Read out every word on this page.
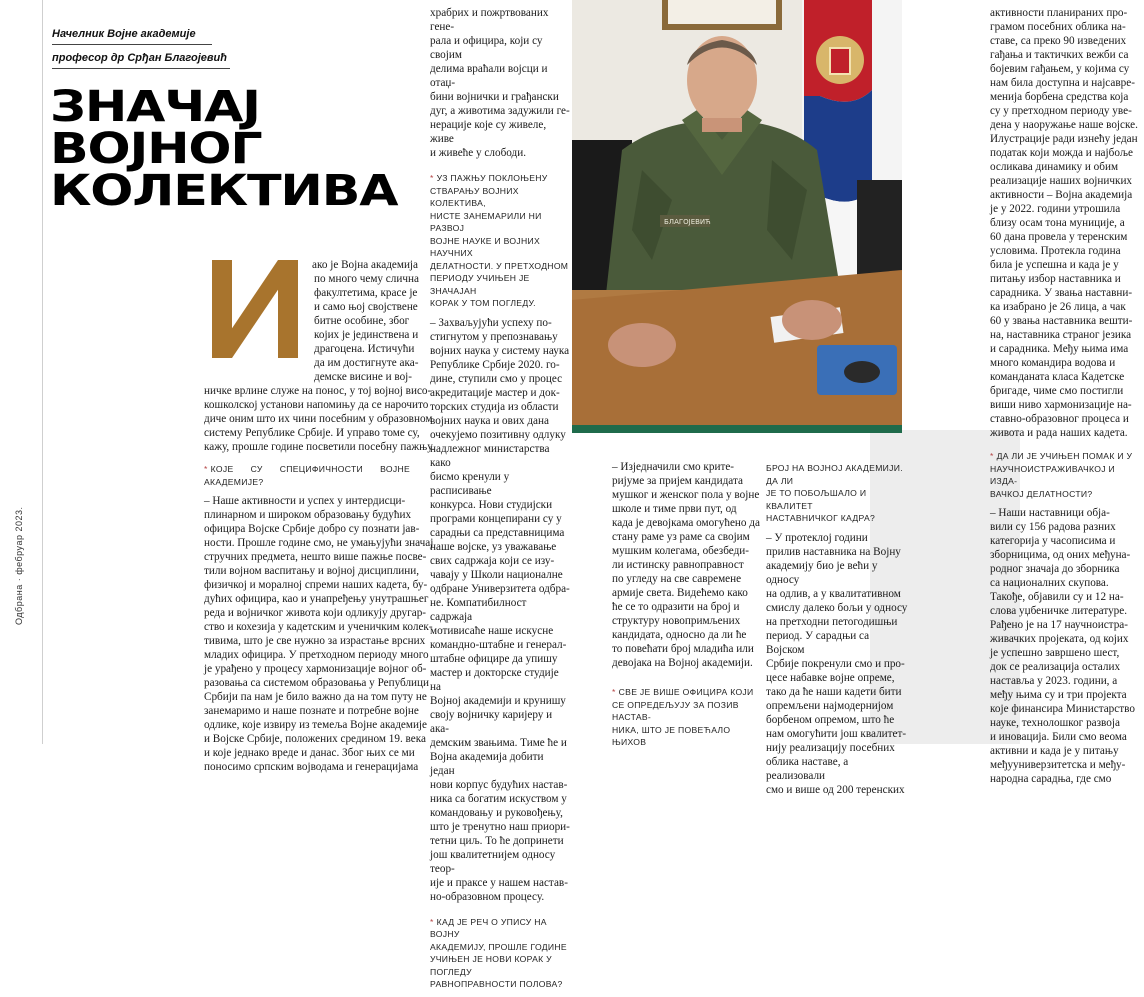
Одбрана · фебруар 2023.
Начелник Војне академије
професор др Срђан Благојевић
ЗНАЧАЈ
ВОЈНОГ
КОЛЕКТИВА
ако је Војна академија
по много чему слична
факултетима, красе је
и само њој својствене
битне особине, због
којих је јединствена и
драгоцена. Истичући
да им достигнуте ака-
демске висине и вој-

ничке врлине служе на понос, у тој војној висо-
кошколској установи напомињу да се нарочито
диче оним што их чини посебним у образовном
систему Републике Србије. И управо томе су,
кажу, прошле године посветили посебну пажњу.

* КОЈЕ СУ СПЕЦИФИЧНОСТИ ВОЈНЕ АКАДЕМИЈЕ?

– Наше активности и успех у интердисци-
плинарном и широком образовању будућих
официра Војске Србије добро су познати јав-
ности. Прошле године смо, не умањујући значај
стручних предмета, нешто више пажње посве-
тили војном васпитању и војној дисциплини,
физичкој и моралној спреми наших кадета, бу-
дућих официра, као и унапређењу унутрашњег
реда и војничког живота који одликују другар-
ство и кохезија у кадетским и ученичким колек-
тивима, што је све нужно за израстање врсних
младих официра. У претходном периоду много
је урађено у процесу хармонизације војног об-
разовања са системом образовања у Републици
Србији па нам је било важно да на том путу не
занемаримо и наше познате и потребне војне
одлике, које извиру из темеља Војне академије
и Војске Србије, положених средином 19. века
и које једнако вреде и данас. Због њих се ми
поносимо српским војводама и генерацијама

храбрих и пожртвованих гене-
рала и официра, који су својим
делима враћали војсци и отаџ-
бини војнички и грађански
дуг, а животима задужили ге-
нерације које су живеле, живе
и живеће у слободи.

* УЗ ПАЖЊУ ПОКЛОЊЕНУ
СТВАРАЊУ ВОЈНИХ КОЛЕКТИВА,
НИСТЕ ЗАНЕМАРИЛИ НИ РАЗВОЈ
ВОЈНЕ НАУКЕ И ВОЈНИХ НАУЧНИХ
ДЕЛАТНОСТИ. У ПРЕТХОДНОМ
ПЕРИОДУ УЧИЊЕН ЈЕ ЗНАЧАЈАН
КОРАК У ТОМ ПОГЛЕДУ.

– Захваљујући успеху по-
стигнутом у препознавању
војних наука у систему наука
Републике Србије 2020. го-
дине, ступили смо у процес
акредитације мастер и док-
торских студија из области
војних наука и ових дана
очекујемо позитивну одлуку
надлежног министарства како
бисмо кренули у расписивање
конкурса. Нови студијски
програми концепирани су у
сарадњи са представницима
наше војске, уз уважавање
свих садржаја који се изу-
чавају у Школи националне
одбране Универзитета одбра-
не. Компатибилност садржаја
мотивисаће наше искусне
командно-штабне и генерал-
штабне официре да упишу
мастер и докторске студије на
Војној академији и крунишу
своју војничку каријеру и ака-
демским звањима. Тиме ће и
Војна академија добити један
нови корпус будућих настав-
ника са богатим искуством у
командовању и руковођењу,
што је тренутно наш приори-
тетни циљ. То ће допринети
још квалитетнијем односу теор-
ије и праксе у нашем настав-
но-образовном процесу.

* КАД ЈЕ РЕЧ О УПИСУ НА ВОЈНУ
АКАДЕМИЈУ, ПРОШЛЕ ГОДИНЕ
УЧИЊЕН ЈЕ НОВИ КОРАК У ПОГЛЕДУ
РАВНОПРАВНОСТИ ПОЛОВА?
БЛАГОЈЕВИЋ

– Изједначили смо крите-
ријуме за пријем кандидата
мушког и женског пола у војне
школе и тиме први пут, од
када је девојкама омогућено да
стану раме уз раме са својим
мушким колегама, обезбеди-
ли истинску равноправност
по угледу на све савремене
армије света. Видећемо како
ће се то одразити на број и
структуру новопримљених
кандидата, односно да ли ће
то повећати број младића или
девојака на Војној академији.

* СВЕ ЈЕ ВИШЕ ОФИЦИРА КОЈИ
СЕ ОПРЕДЕЉУЈУ ЗА ПОЗИВ НАСТАВ-
НИКА, ШТО ЈЕ ПОВЕЋАЛО ЊИХОВ
БРОЈ НА ВОЈНОЈ АКАДЕМИЈИ. ДА ЛИ
ЈЕ ТО ПОБОЉШАЛО И КВАЛИТЕТ
НАСТАВНИЧКОГ КАДРА?

– У протеклој години
прилив наставника на Војну
академију био је већи у односу
на одлив, а у квалитативном
смислу далеко бољи у односу
на претходни петогодишњи
период. У сарадњи са Војском
Србије покренули смо и про-
цесе набавке војне опреме,
тако да ће наши кадети бити
опремљени најмодернијом
борбеном опремом, што ће
нам омогућити још квалитет-
нију реализацију посебних
облика наставе, а реализовали
смо и више од 200 теренских

активности планираних про-
грамом посебних облика на-
ставе, са преко 90 изведених
гађања и тактичких вежби са
бојевим гађањем, у којима су
нам била доступна и најсавре-
менија борбена средства која
су у претходном периоду уве-
дена у наоружање наше војске.
Илустрације ради изнећу један
податак који можда и најбоље
осликава динамику и обим
реализације наших војничких
активности – Војна академија
је у 2022. години утрошила
близу осам тона муниције, а
60 дана провела у теренским
условима. Протекла година
била је успешна и када је у
питању избор наставника и
сарадника. У звања наставни-
ка изабрано је 26 лица, а чак
60 у звања наставника вешти-
на, наставника страног језика
и сарадника. Међу њима има
много командира водова и
команданата класа Кадетске
бригаде, чиме смо постигли
виши ниво хармонизације на-
ставно-образовног процеса и
живота и рада наших кадета.

* ДА ЛИ ЈЕ УЧИЊЕН ПОМАК И У
НАУЧНОИСТРАЖИВАЧКОЈ И ИЗДА-
ВАЧКОЈ ДЕЛАТНОСТИ?

– Наши наставници обја-
вили су 156 радова разних
категорија у часописима и
зборницима, од оних међуна-
родног значаја до зборника
са националних скупова.
Такође, објавили су и 12 на-
слова уџбеничке литературе.
Рађено је на 17 научноистра-
живачких пројеката, од којих
је успешно завршено шест,
док се реализација осталих
наставља у 2023. години, а
међу њима су и три пројекта
које финансира Министарство
науке, технолошког развоја
и иновација. Били смо веома
активни и када је у питању
међууниверзитетска и међу-
народна сарадња, где смо
